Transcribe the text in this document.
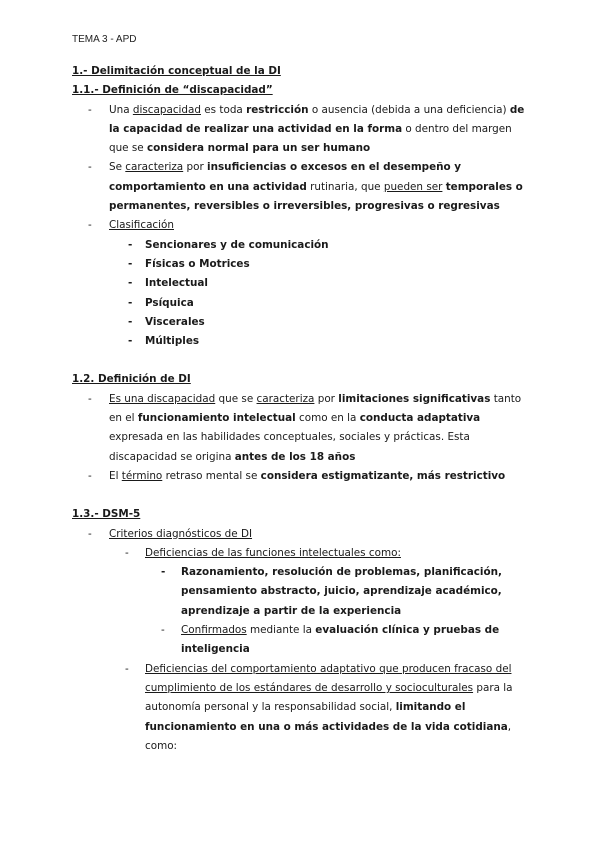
TEMA 3 - APD

1.- Delimitación conceptual de la DI

1.1.- Definición de “discapacidad”

- Una discapacidad es toda restricción o ausencia (debida a una deficiencia) de la capacidad de realizar una actividad en la forma o dentro del margen que se considera normal para un ser humano
- Se caracteriza por insuficiencias o excesos en el desempeño y comportamiento en una actividad rutinaria, que pueden ser temporales o permanentes, reversibles o irreversibles, progresivas o regresivas
- Clasificación
- Sencionares y de comunicación
- Físicas o Motrices
- Intelectual
- Psíquica
- Viscerales
- Múltiples

1.2. Definición de DI

- Es una discapacidad que se caracteriza por limitaciones significativas tanto en el funcionamiento intelectual como en la conducta adaptativa expresada en las habilidades conceptuales, sociales y prácticas. Esta discapacidad se origina antes de los 18 años
- El término retraso mental se considera estigmatizante, más restrictivo

1.3.- DSM-5

- Criterios diagnósticos de DI
- Deficiencias de las funciones intelectuales como:
- Razonamiento, resolución de problemas, planificación, pensamiento abstracto, juicio, aprendizaje académico, aprendizaje a partir de la experiencia
- Confirmados mediante la evaluación clínica y pruebas de inteligencia
- Deficiencias del comportamiento adaptativo que producen fracaso del cumplimiento de los estándares de desarrollo y socioculturales para la autonomía personal y la responsabilidad social, limitando el funcionamiento en una o más actividades de la vida cotidiana, como:
